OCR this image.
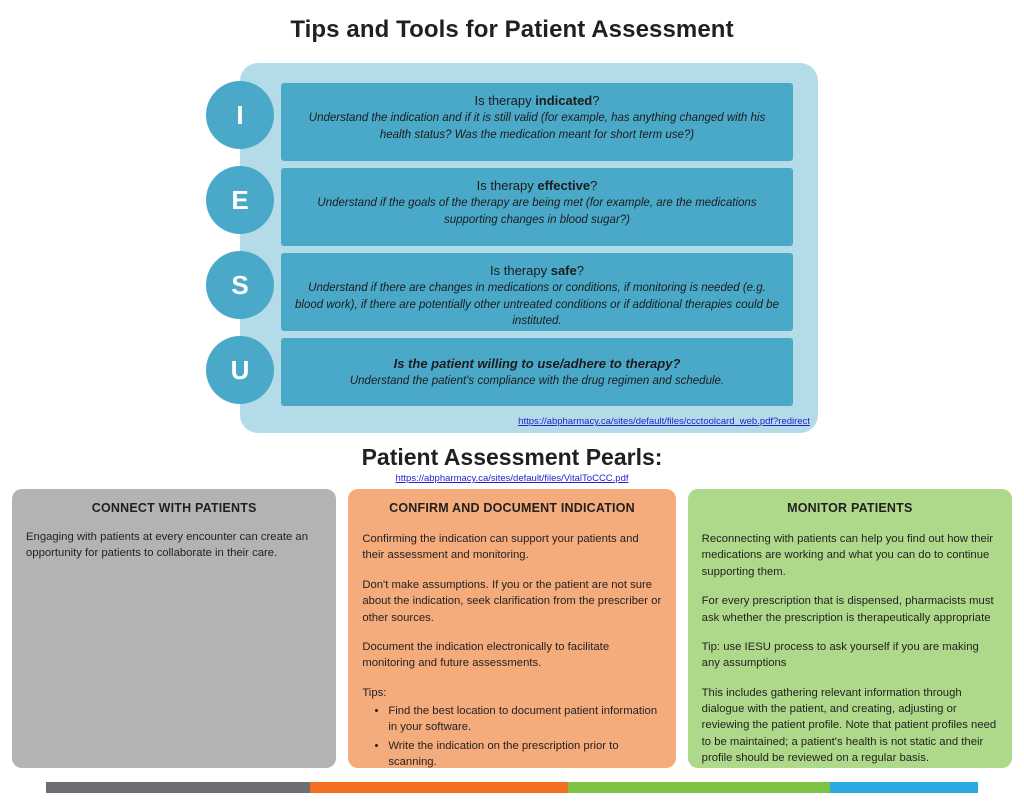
Tips and Tools for Patient Assessment
I	Is therapy indicated?
Understand the indication and if it is still valid (for example, has anything changed with his health status? Was the medication meant for short term use?)
E	Is therapy effective?
Understand if the goals of the therapy are being met (for example, are the medications supporting changes in blood sugar?)
S	Is therapy safe?
Understand if there are changes in medications or conditions, if monitoring is needed (e.g. blood work), if there are potentially other untreated conditions or if additional therapies could be instituted.
U	Is the patient willing to use/adhere to therapy?
Understand the patient's compliance with the drug regimen and schedule.
https://abpharmacy.ca/sites/default/files/ccctoolcard_web.pdf?redirect
Patient Assessment Pearls:
https://abpharmacy.ca/sites/default/files/VitalToCCC.pdf
CONNECT WITH PATIENTS

Engaging with patients at every encounter can create an opportunity for patients to collaborate in their care.

CONFIRM AND DOCUMENT INDICATION

Confirming the indication can support your patients and their assessment and monitoring.

Don't make assumptions. If you or the patient are not sure about the indication, seek clarification from the prescriber or other sources.

Document the indication electronically to facilitate monitoring and future assessments.

Tips:

• Find the best location to document patient information in your software.
• Write the indication on the prescription prior to scanning.
MONITOR PATIENTS

Reconnecting with patients can help you find out how their medications are working and what you can do to continue supporting them.

For every prescription that is dispensed, pharmacists must ask whether the prescription is therapeutically appropriate

Tip: use IESU process to ask yourself if you are making any assumptions

This includes gathering relevant information through dialogue with the patient, and creating, adjusting or reviewing the patient profile. Note that patient profiles need to be maintained; a patient's health is not static and their profile should be reviewed on a regular basis.
